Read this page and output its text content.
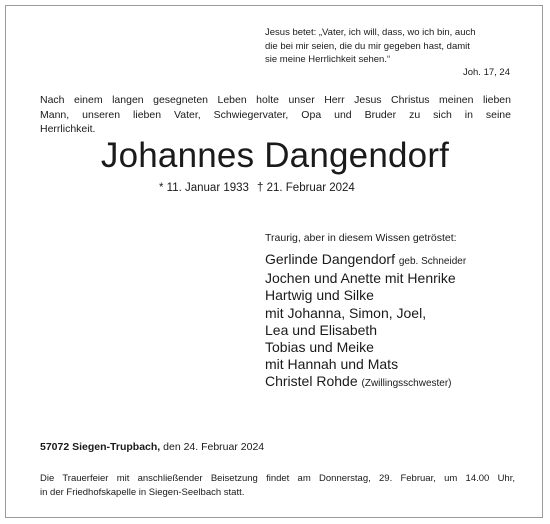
Jesus betet: „Vater, ich will, dass, wo ich bin, auch

die bei mir seien, die du mir gegeben hast, damit

sie meine Herrlichkeit sehen.“

Joh. 17, 24
Nach einem langen gesegneten Leben holte unser Herr Jesus Christus meinen lieben
Mann, unseren lieben Vater, Schwiegervater, Opa und Bruder zu sich in seine
Herrlichkeit.
Johannes Dangendorf
* 11. Januar 1933 † 21. Februar 2024
Traurig, aber in diesem Wissen getröstet:
Gerlinde Dangendorf geb. Schneider
Jochen und Anette mit Henrike
Hartwig und Silke
mit Johanna, Simon, Joel,
Lea und Elisabeth
Tobias und Meike
mit Hannah und Mats
Christel Rohde (Zwillingsschwester)
57072 Siegen-Trupbach, den 24. Februar 2024
Die Trauerfeier mit anschließender Beisetzung findet am Donnerstag, 29. Februar, um 14.00 Uhr,
in der Friedhofskapelle in Siegen-Seelbach statt.
